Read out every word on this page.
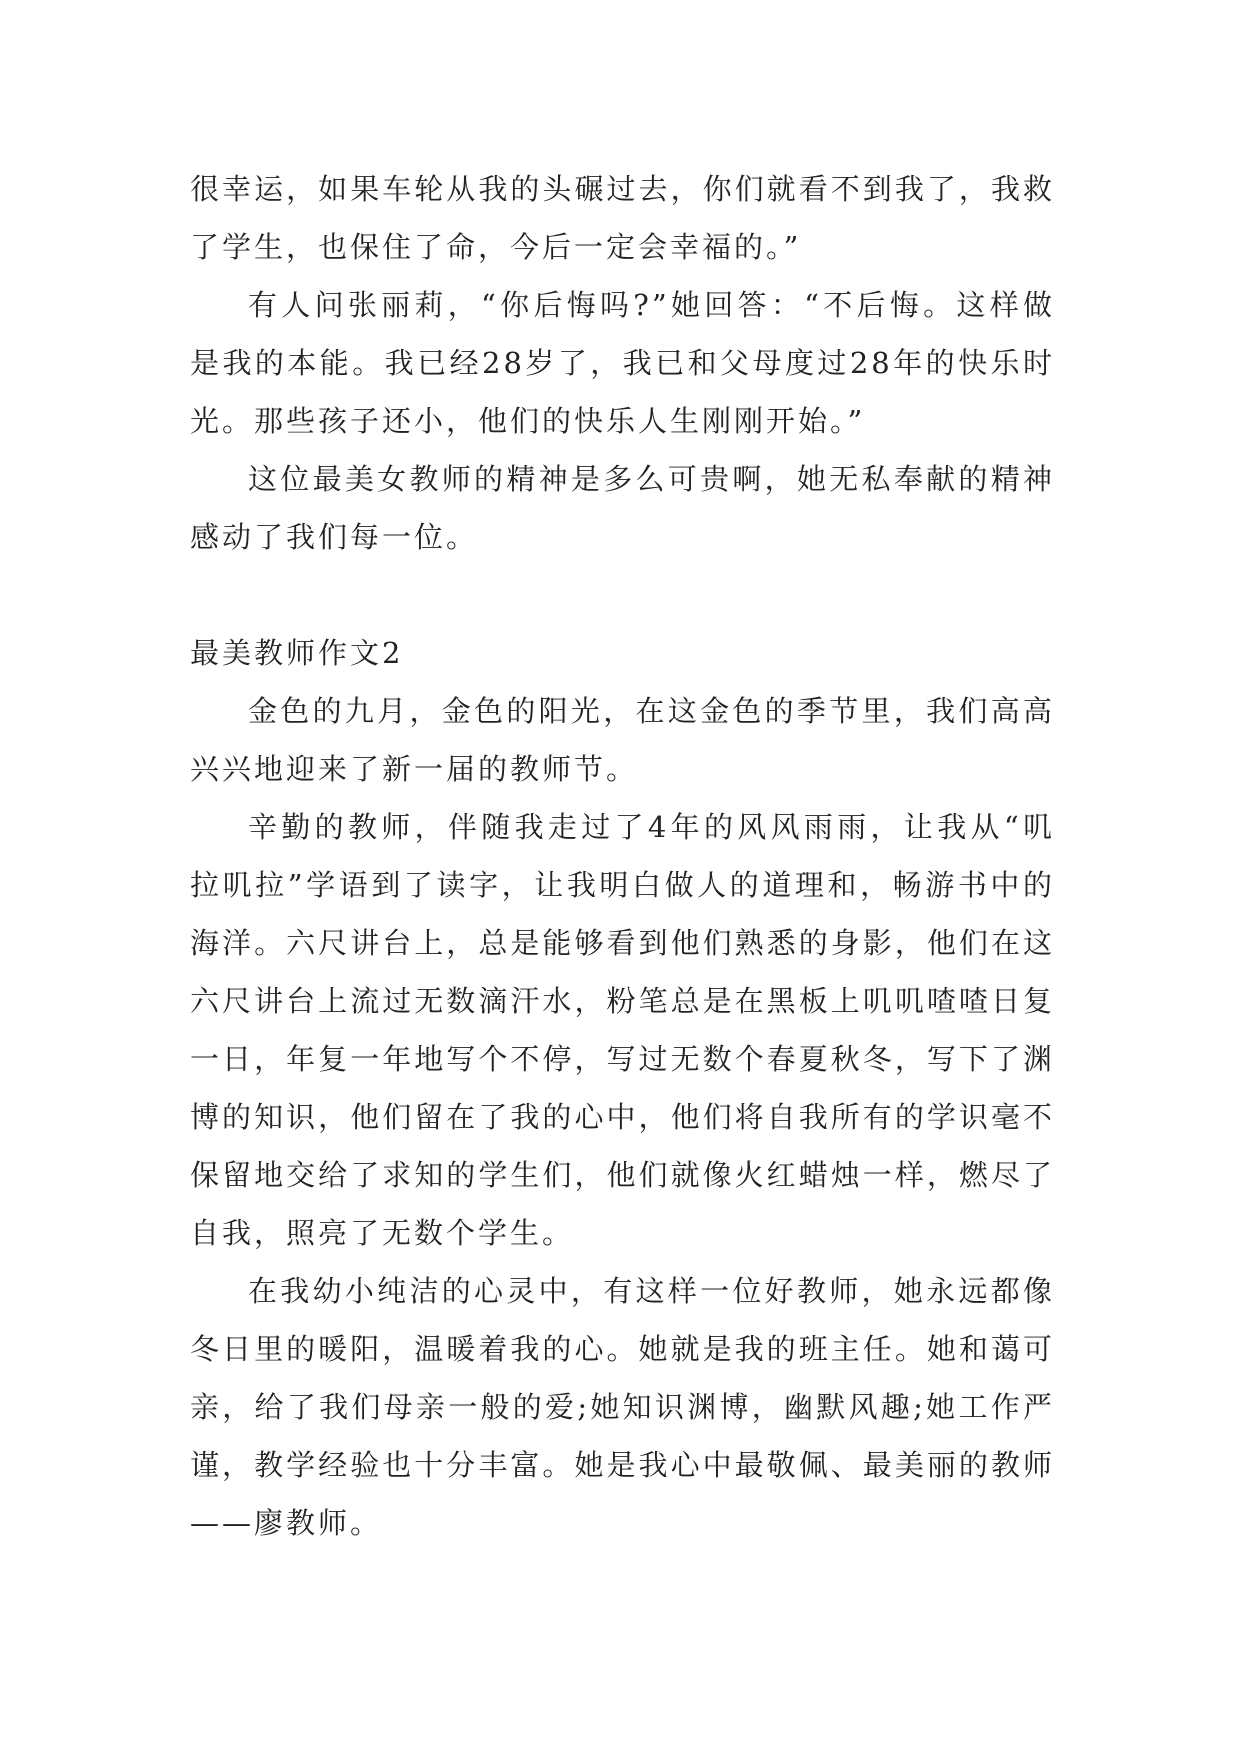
很幸运，如果车轮从我的头碾过去，你们就看不到我了，我救了学生，也保住了命，今后一定会幸福的。”

有人问张丽莉，“你后悔吗?”她回答：“不后悔。这样做是我的本能。我已经28岁了，我已和父母度过28年的快乐时光。那些孩子还小，他们的快乐人生刚刚开始。”

这位最美女教师的精神是多么可贵啊，她无私奉献的精神感动了我们每一位。

最美教师作文2

金色的九月，金色的阳光，在这金色的季节里，我们高高兴兴地迎来了新一届的教师节。

辛勤的教师，伴随我走过了4年的风风雨雨，让我从“叽拉叽拉”学语到了读字，让我明白做人的道理和，畅游书中的海洋。六尺讲台上，总是能够看到他们熟悉的身影，他们在这六尺讲台上流过无数滴汗水，粉笔总是在黑板上叽叽喳喳日复一日，年复一年地写个不停，写过无数个春夏秋冬，写下了渊博的知识，他们留在了我的心中，他们将自我所有的学识毫不保留地交给了求知的学生们，他们就像火红蜡烛一样，燃尽了自我，照亮了无数个学生。

在我幼小纯洁的心灵中，有这样一位好教师，她永远都像冬日里的暖阳，温暖着我的心。她就是我的班主任。她和蔼可亲，给了我们母亲一般的爱;她知识渊博，幽默风趣;她工作严谨，教学经验也十分丰富。她是我心中最敬佩、最美丽的教师——廖教师。
